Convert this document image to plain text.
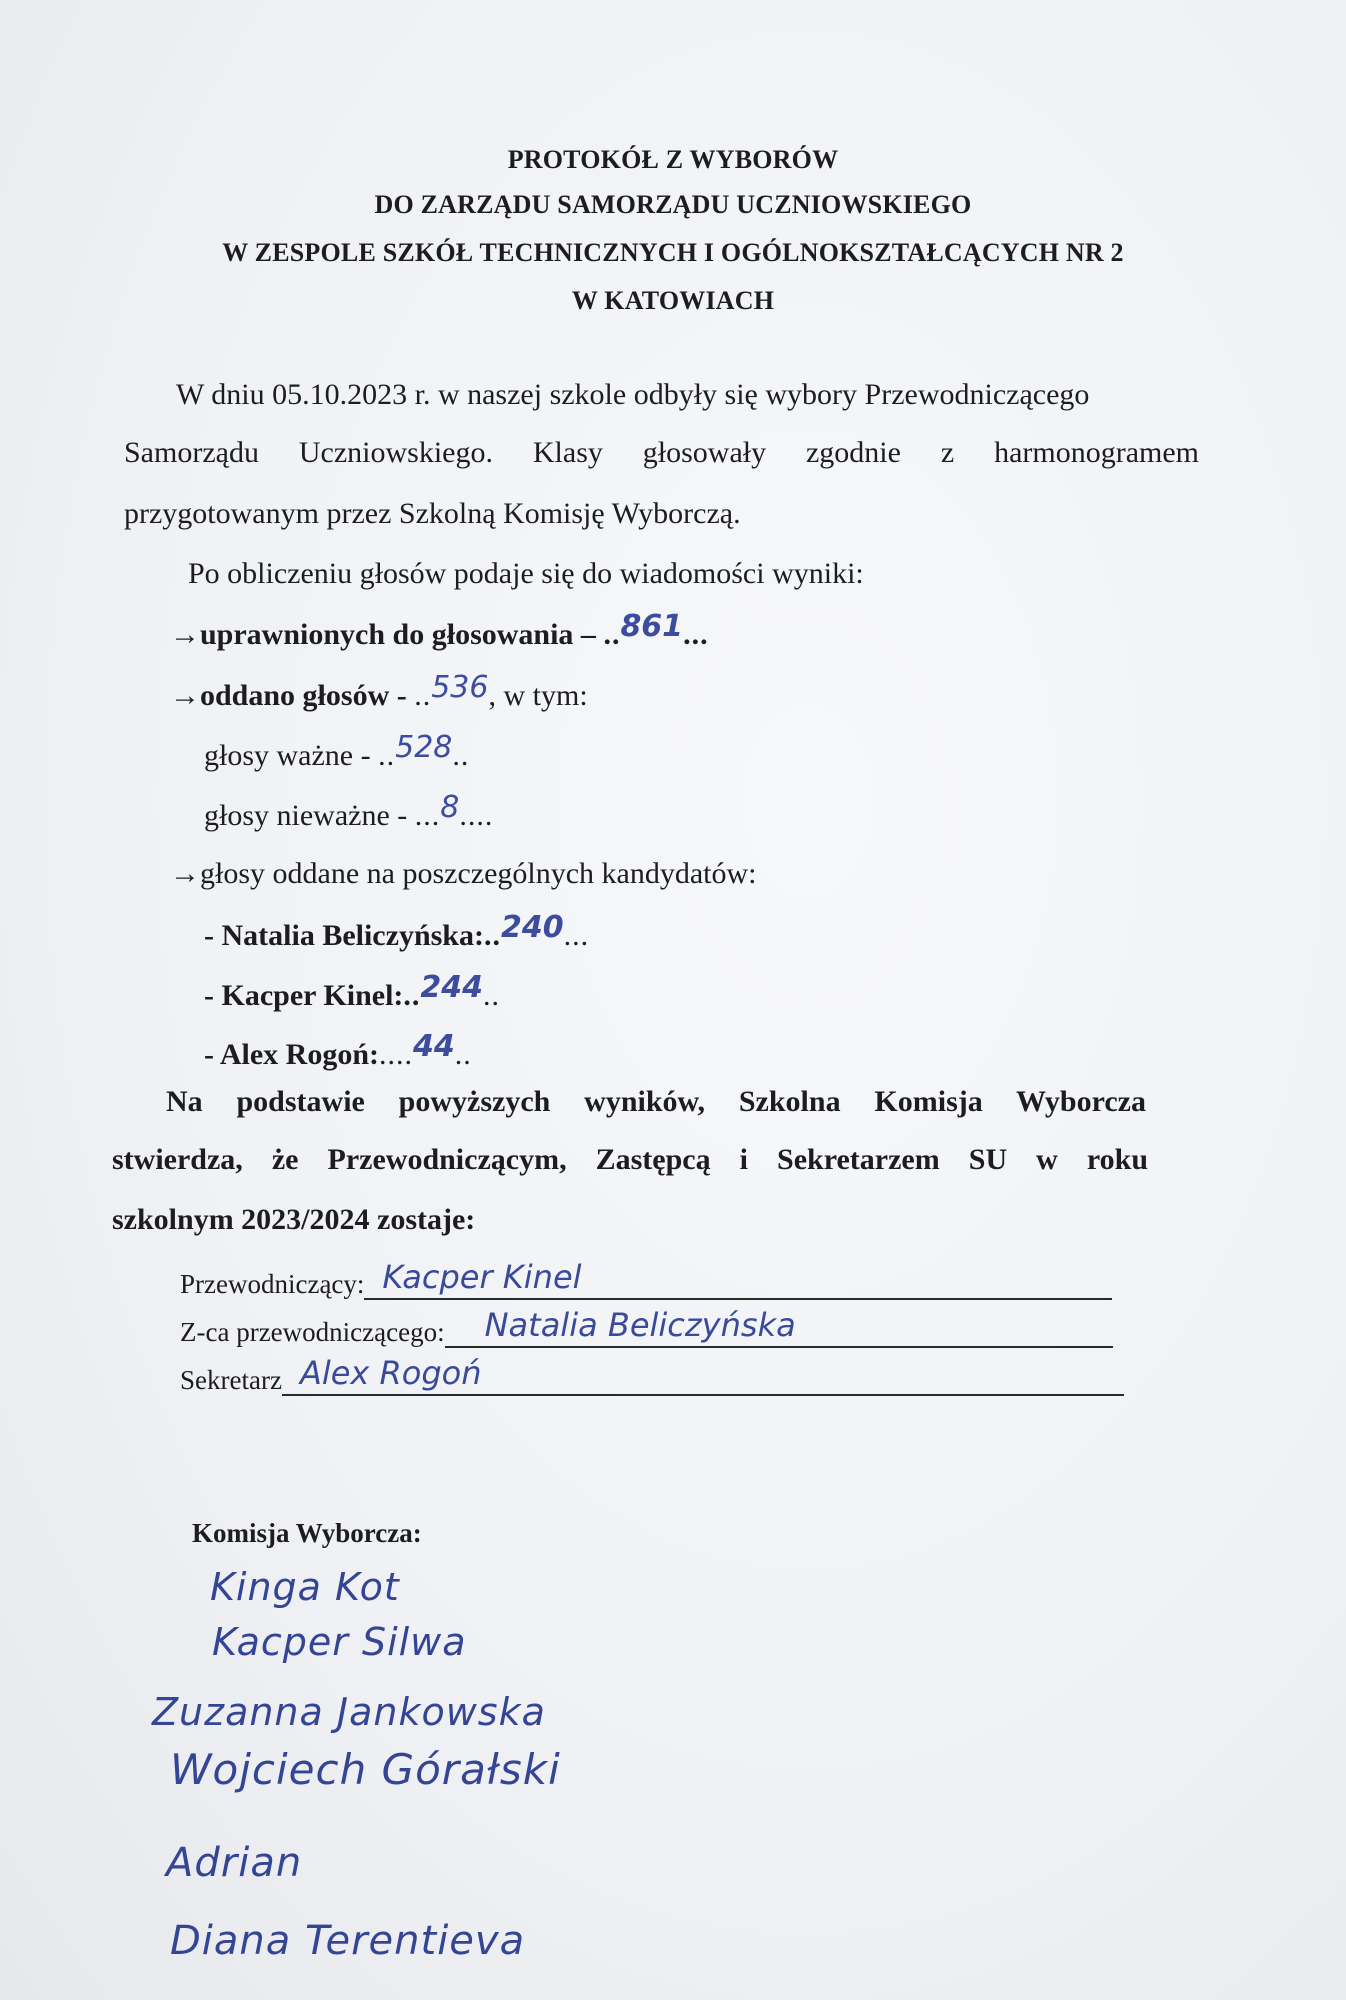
PROTOKÓŁ Z WYBORÓW
DO ZARZĄDU SAMORZĄDU UCZNIOWSKIEGO
W ZESPOLE SZKÓŁ TECHNICZNYCH I OGÓLNOKSZTAŁCĄCYCH NR 2
W KATOWIACH
W dniu 05.10.2023 r. w naszej szkole odbyły się wybory Przewodniczącego
Samorządu Uczniowskiego. Klasy głosowały zgodnie z harmonogramem
przygotowanym przez Szkolną Komisję Wyborczą.
Po obliczeniu głosów podaje się do wiadomości wyniki:
→uprawnionych do głosowania – ..861...
→oddano głosów - ..536, w tym:
głosy ważne - ..528..
głosy nieważne - ...8....
→głosy oddane na poszczególnych kandydatów:
- Natalia Beliczyńska:..240...
- Kacper Kinel:..244..
- Alex Rogoń:....44..
Na podstawie powyższych wyników, Szkolna Komisja Wyborcza
stwierdza, że Przewodniczącym, Zastępcą i Sekretarzem SU w roku
szkolnym 2023/2024 zostaje:
Przewodniczący: Kacper Kinel
Z-ca przewodniczącego: Natalia Beliczyńska
Sekretarz Alex Rogoń
Komisja Wyborcza:
Kinga Kot
Kacper Silwa
Zuzanna Jankowska
Wojciech Górałski
Adrian
Diana Terentieva
